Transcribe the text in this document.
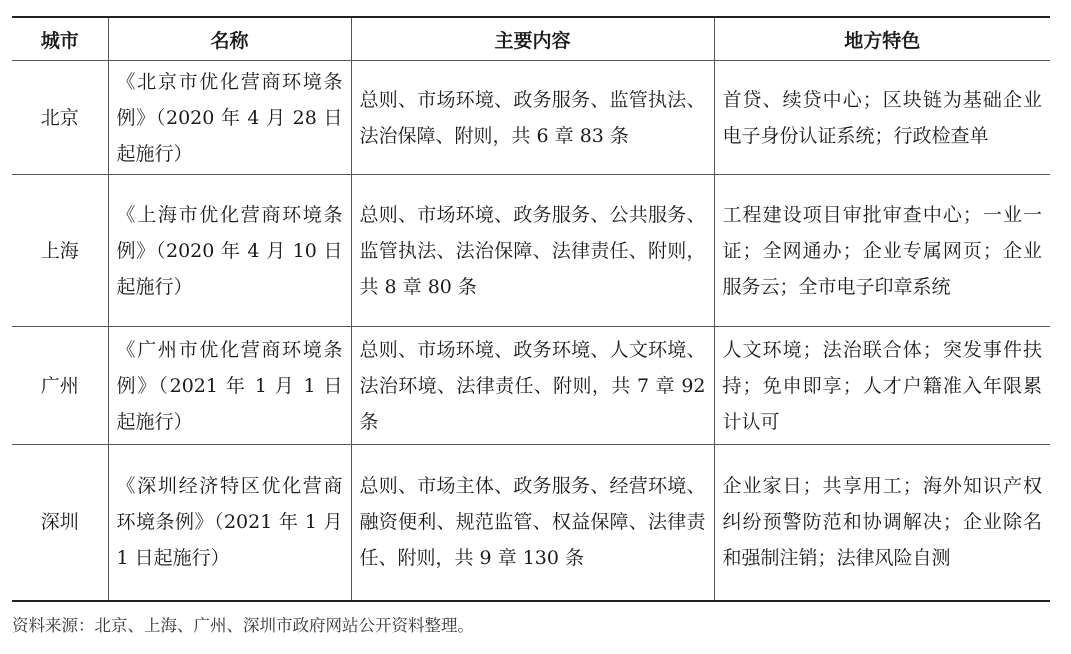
城市	名称	主要内容	地方特色
北京	《北京市优化营商环境条例》（2020 年 4 月 28 日起施行）	总则、市场环境、政务服务、监管执法、法治保障、附则，共 6 章 83 条	首贷、续贷中心；区块链为基础企业电子身份认证系统；行政检查单
上海	《上海市优化营商环境条例》（2020 年 4 月 10 日起施行）	总则、市场环境、政务服务、公共服务、监管执法、法治保障、法律责任、附则，共 8 章 80 条	工程建设项目审批审查中心；一业一证；全网通办；企业专属网页；企业服务云；全市电子印章系统
广州	《广州市优化营商环境条例》（2021 年 1 月 1 日起施行）	总则、市场环境、政务环境、人文环境、法治环境、法律责任、附则，共 7 章 92 条	人文环境；法治联合体；突发事件扶持；免申即享；人才户籍准入年限累计认可
深圳	《深圳经济特区优化营商环境条例》（2021 年 1 月 1 日起施行）	总则、市场主体、政务服务、经营环境、融资便利、规范监管、权益保障、法律责任、附则，共 9 章 130 条	企业家日；共享用工；海外知识产权纠纷预警防范和协调解决；企业除名和强制注销；法律风险自测
资料来源：北京、上海、广州、深圳市政府网站公开资料整理。
